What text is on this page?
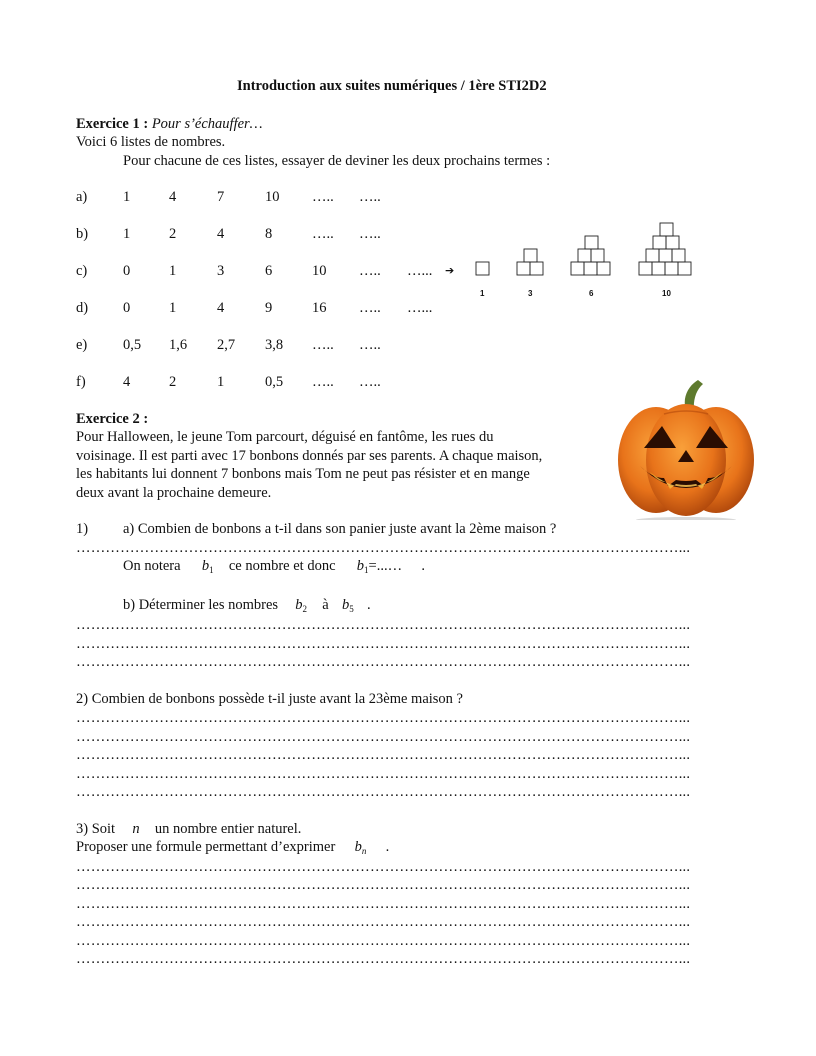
Introduction aux suites numériques / 1ère STI2D2
Exercice 1 : Pour s’échauffer…
Voici 6 listes de nombres.
Pour chacune de ces listes, essayer de deviner les deux prochains termes :
a) 1	4	7	10 ….. …..
b) 1	2	4	8	….. …..
c) 0	1	3	6	10 ….. …...
d) 0	1	4	9	16 ….. …...
e) 0,5 1,6 2,7 3,8 ….. …..
f)	4	2	1	0,5 ….. …..
➔
1	3	6	10
Exercice 2 :
Pour Halloween, le jeune Tom parcourt, déguisé en fantôme, les rues du
voisinage. Il est parti avec 17 bonbons donnés par ses parents. A chaque maison,
les habitants lui donnent 7 bonbons mais Tom ne peut pas résister et en mange
deux avant la prochaine demeure.
1) a) Combien de bonbons a t-il dans son panier juste avant la 2ème maison ?
……………………………………………………………………………………………………………...
On notera $b_1$ ce nombre et donc $b_1=...\dots$ .
b) Déterminer les nombres $b_2$ à $b_5$ .
……………………………………………………………………………………………………………...
……………………………………………………………………………………………………………...
……………………………………………………………………………………………………………...
2) Combien de bonbons possède t-il juste avant la 23ème maison ?
……………………………………………………………………………………………………………...
……………………………………………………………………………………………………………...
……………………………………………………………………………………………………………...
……………………………………………………………………………………………………………...
……………………………………………………………………………………………………………...
3) Soit n un nombre entier naturel.
Proposer une formule permettant d’exprimer $b_n$ .
……………………………………………………………………………………………………………...
……………………………………………………………………………………………………………...
……………………………………………………………………………………………………………...
……………………………………………………………………………………………………………...
……………………………………………………………………………………………………………...
……………………………………………………………………………………………………………...
